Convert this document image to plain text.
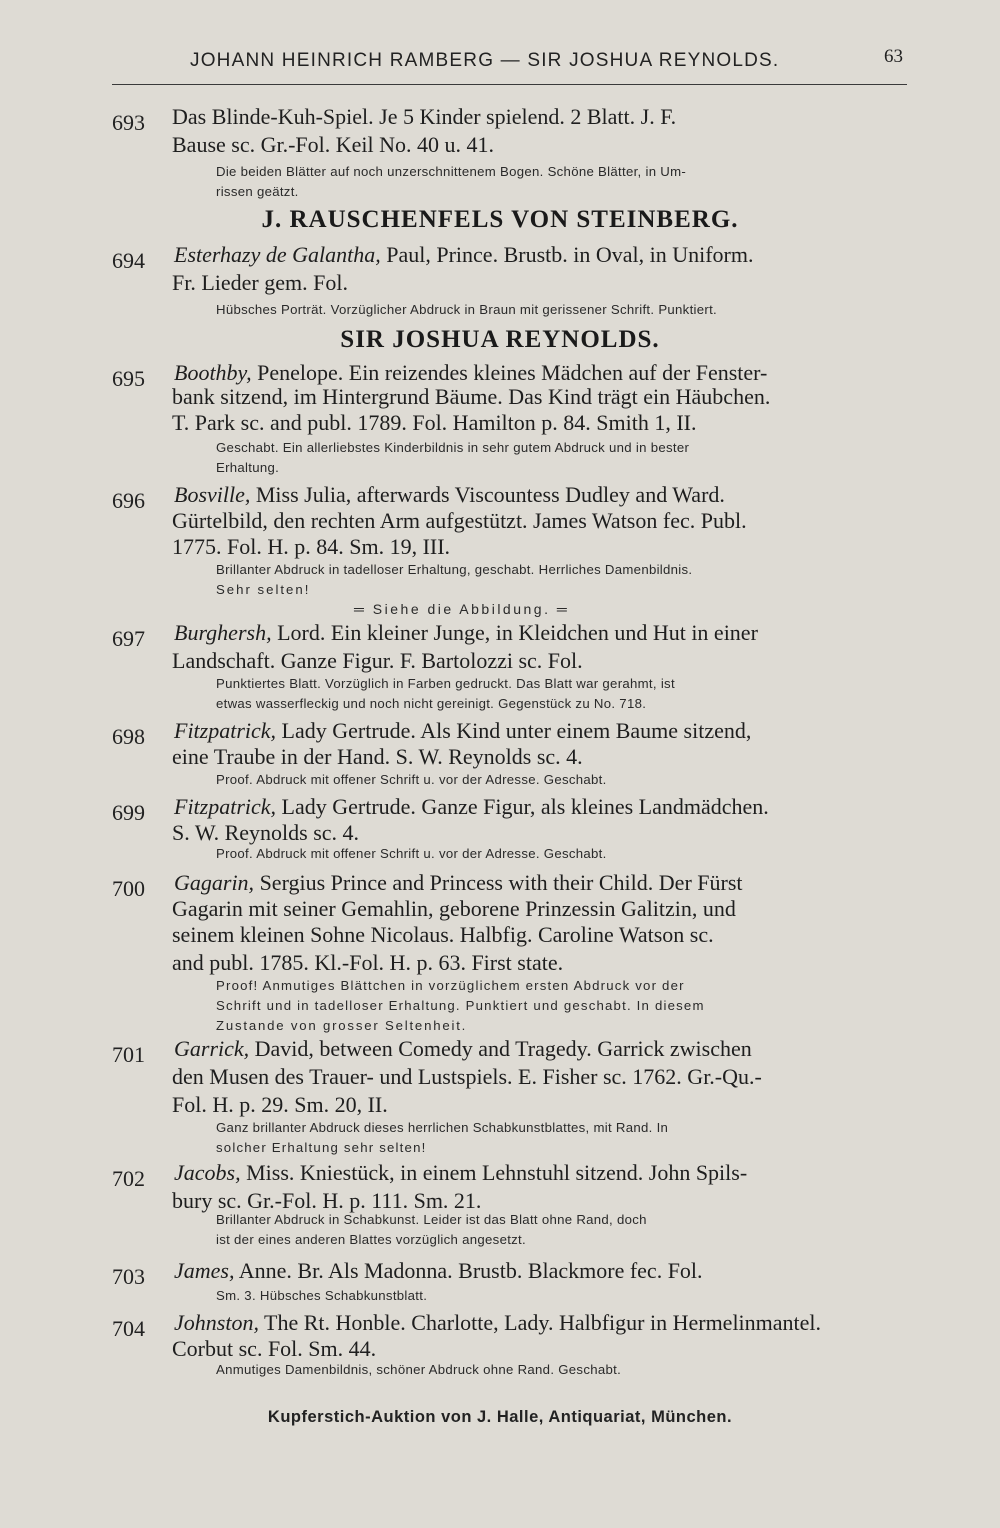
JOHANN HEINRICH RAMBERG — SIR JOSHUA REYNOLDS.	63
693 Das Blinde-Kuh-Spiel. Je 5 Kinder spielend. 2 Blatt. J. F.
Bause sc. Gr.-Fol. Keil No. 40 u. 41.
Die beiden Blätter auf noch unzerschnittenem Bogen. Schöne Blätter, in Um-
rissen geätzt.
J. RAUSCHENFELS VON STEINBERG.
694 Esterhazy de Galantha, Paul, Prince. Brustb. in Oval, in Uniform.
Fr. Lieder gem. Fol.
Hübsches Porträt. Vorzüglicher Abdruck in Braun mit gerissener Schrift. Punktiert.
SIR JOSHUA REYNOLDS.
695 Boothby, Penelope. Ein reizendes kleines Mädchen auf der Fenster-
bank sitzend, im Hintergrund Bäume. Das Kind trägt ein Häubchen.
T. Park sc. and publ. 1789. Fol. Hamilton p. 84. Smith 1, II.
Geschabt. Ein allerliebstes Kinderbildnis in sehr gutem Abdruck und in bester
Erhaltung.
696 Bosville, Miss Julia, afterwards Viscountess Dudley and Ward.
Gürtelbild, den rechten Arm aufgestützt. James Watson fec. Publ.
1775. Fol. H. p. 84. Sm. 19, III.
Brillanter Abdruck in tadelloser Erhaltung, geschabt. Herrliches Damenbildnis.
Sehr selten!
═ Siehe die Abbildung. ═
697 Burghersh, Lord. Ein kleiner Junge, in Kleidchen und Hut in einer
Landschaft. Ganze Figur. F. Bartolozzi sc. Fol.
Punktiertes Blatt. Vorzüglich in Farben gedruckt. Das Blatt war gerahmt, ist
etwas wasserfleckig und noch nicht gereinigt. Gegenstück zu No. 718.
698 Fitzpatrick, Lady Gertrude. Als Kind unter einem Baume sitzend,
eine Traube in der Hand. S. W. Reynolds sc. 4.
Proof. Abdruck mit offener Schrift u. vor der Adresse. Geschabt.
699 Fitzpatrick, Lady Gertrude. Ganze Figur, als kleines Landmädchen.
S. W. Reynolds sc. 4.
Proof. Abdruck mit offener Schrift u. vor der Adresse. Geschabt.
700 Gagarin, Sergius Prince and Princess with their Child. Der Fürst
Gagarin mit seiner Gemahlin, geborene Prinzessin Galitzin, und
seinem kleinen Sohne Nicolaus. Halbfig. Caroline Watson sc.
and publ. 1785. Kl.-Fol. H. p. 63. First state.
Proof! Anmutiges Blättchen in vorzüglichem ersten Abdruck vor der
Schrift und in tadelloser Erhaltung. Punktiert und geschabt. In diesem
Zustande von grosser Seltenheit.
701 Garrick, David, between Comedy and Tragedy. Garrick zwischen
den Musen des Trauer- und Lustspiels. E. Fisher sc. 1762. Gr.-Qu.-
Fol. H. p. 29. Sm. 20, II.
Ganz brillanter Abdruck dieses herrlichen Schabkunstblattes, mit Rand. In
solcher Erhaltung sehr selten!
702 Jacobs, Miss. Kniestück, in einem Lehnstuhl sitzend. John Spils-
bury sc. Gr.-Fol. H. p. 111. Sm. 21.
Brillanter Abdruck in Schabkunst. Leider ist das Blatt ohne Rand, doch
ist der eines anderen Blattes vorzüglich angesetzt.
703 James, Anne. Br. Als Madonna. Brustb. Blackmore fec. Fol.
Sm. 3. Hübsches Schabkunstblatt.
704 Johnston, The Rt. Honble. Charlotte, Lady. Halbfigur in Hermelinmantel.
Corbut sc. Fol. Sm. 44.
Anmutiges Damenbildnis, schöner Abdruck ohne Rand. Geschabt.
Kupferstich-Auktion von J. Halle, Antiquariat, München.
